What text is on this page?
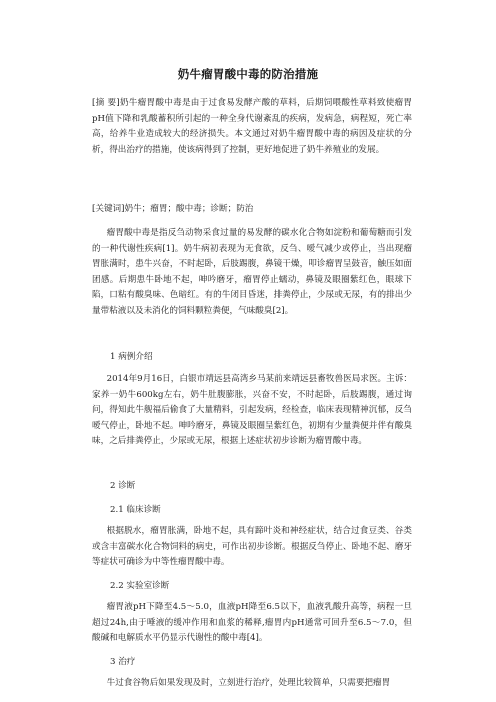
奶牛瘤胃酸中毒的防治措施

[摘 要]奶牛瘤胃酸中毒是由于过食易发酵产酸的草料，后期饲喂酸性草料致使瘤胃pH值下降和乳酸蓄积所引起的一种全身代谢紊乱的疾病，发病急，病程短，死亡率高，给养牛业造成较大的经济损失。本文通过对奶牛瘤胃酸中毒的病因及症状的分析，得出治疗的措施，使该病得到了控制，更好地促进了奶牛养殖业的发展。

[关键词]奶牛；瘤胃；酸中毒；诊断；防治

瘤胃酸中毒是指反刍动物采食过量的易发酵的碳水化合物如淀粉和葡萄糖而引发的一种代谢性疾病[1]。奶牛病初表现为无食欲，反刍、嗳气减少或停止，当出现瘤胃胀满时，患牛兴奋，不时起卧，后肢踢腹，鼻镜干燥，叩诊瘤胃呈鼓音，触压如面团感。后期患牛卧地不起，呻吟磨牙，瘤胃停止蠕动，鼻镜及眼圈紫红色，眼球下陷，口粘有酸臭味、色暗红。有的牛闭目昏迷，排粪停止，少尿或无尿，有的排出少量带粘液以及未消化的饲料颗粒粪便，气味酸臭[2]。

1 病例介绍

2014年9月16日，白银市靖远县高湾乡马某前来靖远县畜牧兽医局求医。主诉：家养一奶牛600kg左右，奶牛肚腹膨胀，兴奋不安，不时起卧，后肢踢腹，通过询问，得知此牛舰福后偷食了大量精料，引起发病，经检查，临床表现精神沉郁，反刍嗳气停止，卧地不起。呻吟磨牙，鼻镜及眼圈呈紫红色，初期有少量粪便并伴有酸臭味，之后排粪停止，少尿或无尿，根据上述症状初步诊断为瘤胃酸中毒。

2 诊断

2.1 临床诊断

根据脱水，瘤胃胀满，卧地不起，具有蹄叶炎和神经症状，结合过食豆类、谷类或含丰富碳水化合物饲料的病史，可作出初步诊断。根据反刍停止、卧地不起、磨牙等症状可确诊为中等性瘤胃酸中毒。

2.2 实验室诊断

瘤胃液pH下降至4.5～5.0，血液pH降至6.5以下，血液乳酸升高等，病程一旦超过24h,由于唾液的缓冲作用和血浆的稀释,瘤胃内pH通常可回升至6.5～7.0，但酸碱和电解质水平仍显示代谢性的酸中毒[4]。

3 治疗

牛过食谷物后如果发现及时，立刻进行治疗，处理比较简单，只需要把瘤胃
